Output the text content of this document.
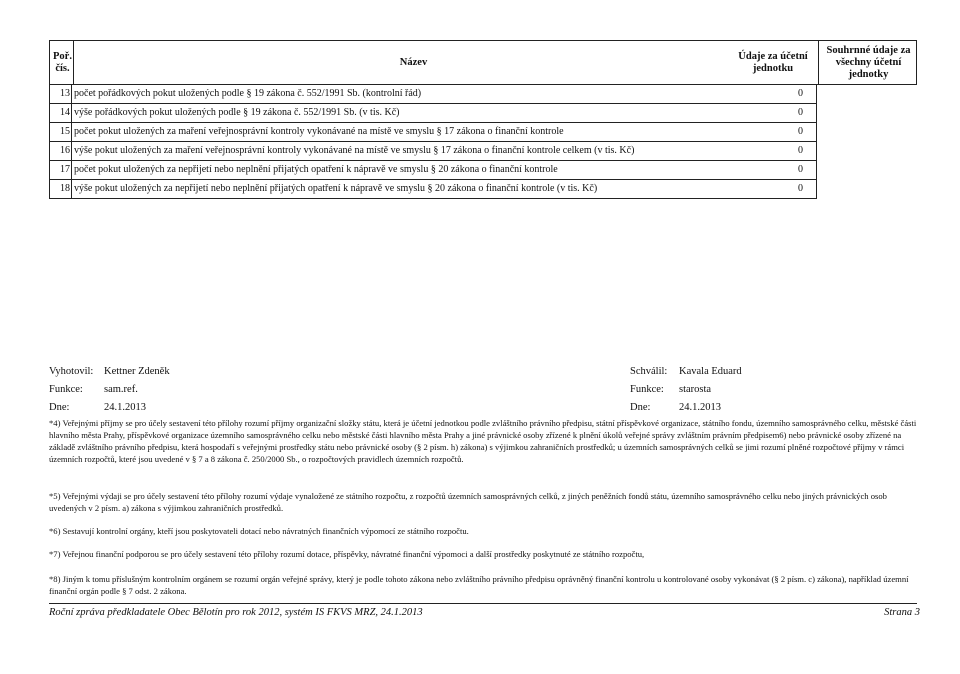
Poř. čís.
Název
Údaje za účetní jednotku
Souhrnné údaje za všechny účetní jednotky
13 počet pořádkových pokut uložených podle § 19 zákona č. 552/1991 Sb. (kontrolní řád)	0
14 výše pořádkových pokut uložených podle § 19 zákona č. 552/1991 Sb. (v tis. Kč)	0
15 počet pokut uložených za maření veřejnosprávní kontroly vykonávané na místě ve smyslu § 17 zákona o finanční kontrole	0
16 výše pokut uložených za maření veřejnosprávní kontroly vykonávané na místě ve smyslu § 17 zákona o finanční kontrole celkem (v tis. Kč)	0
17 počet pokut uložených za nepřijetí nebo neplnění přijatých opatření k nápravě ve smyslu § 20 zákona o finanční kontrole	0
18 výše pokut uložených za nepřijetí nebo neplnění přijatých opatření k nápravě ve smyslu § 20 zákona o finanční kontrole (v tis. Kč)	0
Vyhotovil: Kettner Zdeněk
Funkce: sam.ref.
Dne:	24.1.2013
Schválil: Kavala Eduard
Funkce: starosta
Dne:	24.1.2013
*4) Veřejnými příjmy se pro účely sestavení této přílohy rozumí příjmy organizační složky státu, která je účetní jednotkou podle zvláštního právního předpisu, státní příspěvkové organizace, státního fondu, územního samosprávného celku, městské části hlavního města Prahy, příspěvkové organizace územního samosprávného celku nebo městské části hlavního města Prahy a jiné právnické osoby zřízené k plnění úkolů veřejné správy zvláštním právním předpisem6) nebo právnické osoby zřízené na základě zvláštního právního předpisu, která hospodaří s veřejnými prostředky státu nebo právnické osoby (§ 2 písm. h) zákona) s výjimkou zahraničních prostředků; u územních samosprávných celků se jimi rozumí plněné rozpočtové příjmy v rámci územních rozpočtů, které jsou uvedené v § 7 a 8 zákona č. 250/2000 Sb., o rozpočtových pravidlech územních rozpočtů.
*5) Veřejnými výdaji se pro účely sestavení této přílohy rozumí výdaje vynaložené ze státního rozpočtu, z rozpočtů územních samosprávných celků, z jiných peněžních fondů státu, územního samosprávného celku nebo jiných právnických osob uvedených v 2 písm. a) zákona s výjimkou zahraničních prostředků.
*6) Sestavují kontrolní orgány, kteří jsou poskytovateli dotací nebo návratných finančních výpomocí ze státního rozpočtu.
*7) Veřejnou finanční podporou se pro účely sestavení této přílohy rozumí dotace, příspěvky, návratné finanční výpomoci a další prostředky poskytnuté ze státního rozpočtu,
*8) Jiným k tomu příslušným kontrolním orgánem se rozumí orgán veřejné správy, který je podle tohoto zákona nebo zvláštního právního předpisu oprávněný finanční kontrolu u kontrolované osoby vykonávat (§ 2 písm. c) zákona), například územní finanční orgán podle § 7 odst. 2 zákona.
Roční zpráva předkladatele Obec Bělotín pro rok 2012, systém IS FKVS MRZ, 24.1.2013	Strana 3
